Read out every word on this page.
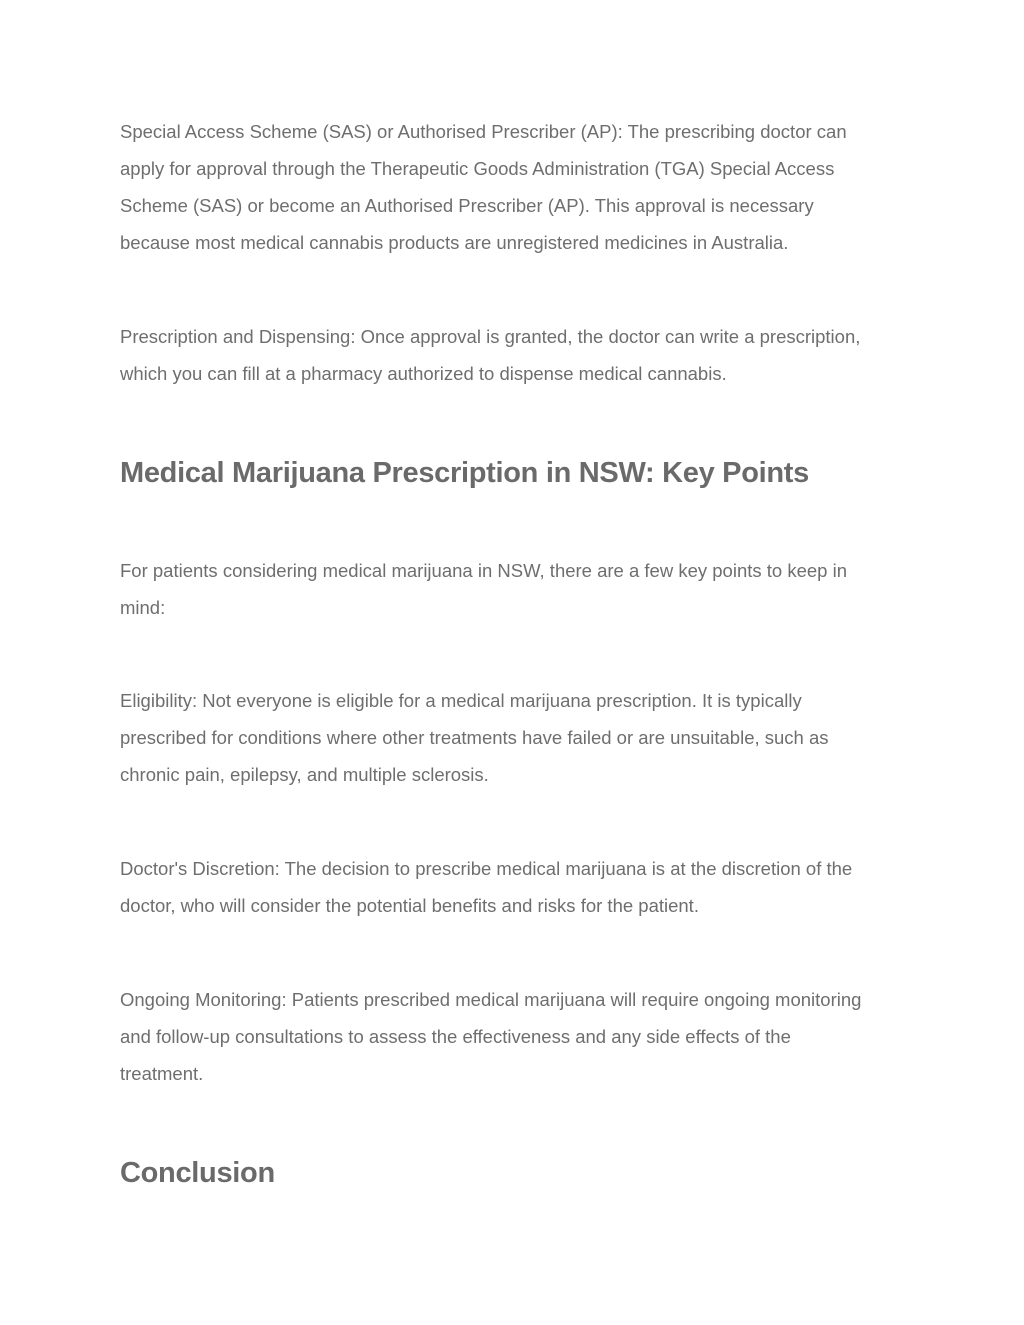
Special Access Scheme (SAS) or Authorised Prescriber (AP): The prescribing doctor can
apply for approval through the Therapeutic Goods Administration (TGA) Special Access
Scheme (SAS) or become an Authorised Prescriber (AP). This approval is necessary
because most medical cannabis products are unregistered medicines in Australia.

Prescription and Dispensing: Once approval is granted, the doctor can write a prescription,
which you can fill at a pharmacy authorized to dispense medical cannabis.

Medical Marijuana Prescription in NSW: Key Points

For patients considering medical marijuana in NSW, there are a few key points to keep in
mind:

Eligibility: Not everyone is eligible for a medical marijuana prescription. It is typically
prescribed for conditions where other treatments have failed or are unsuitable, such as
chronic pain, epilepsy, and multiple sclerosis.

Doctor's Discretion: The decision to prescribe medical marijuana is at the discretion of the
doctor, who will consider the potential benefits and risks for the patient.

Ongoing Monitoring: Patients prescribed medical marijuana will require ongoing monitoring
and follow-up consultations to assess the effectiveness and any side effects of the
treatment.

Conclusion
